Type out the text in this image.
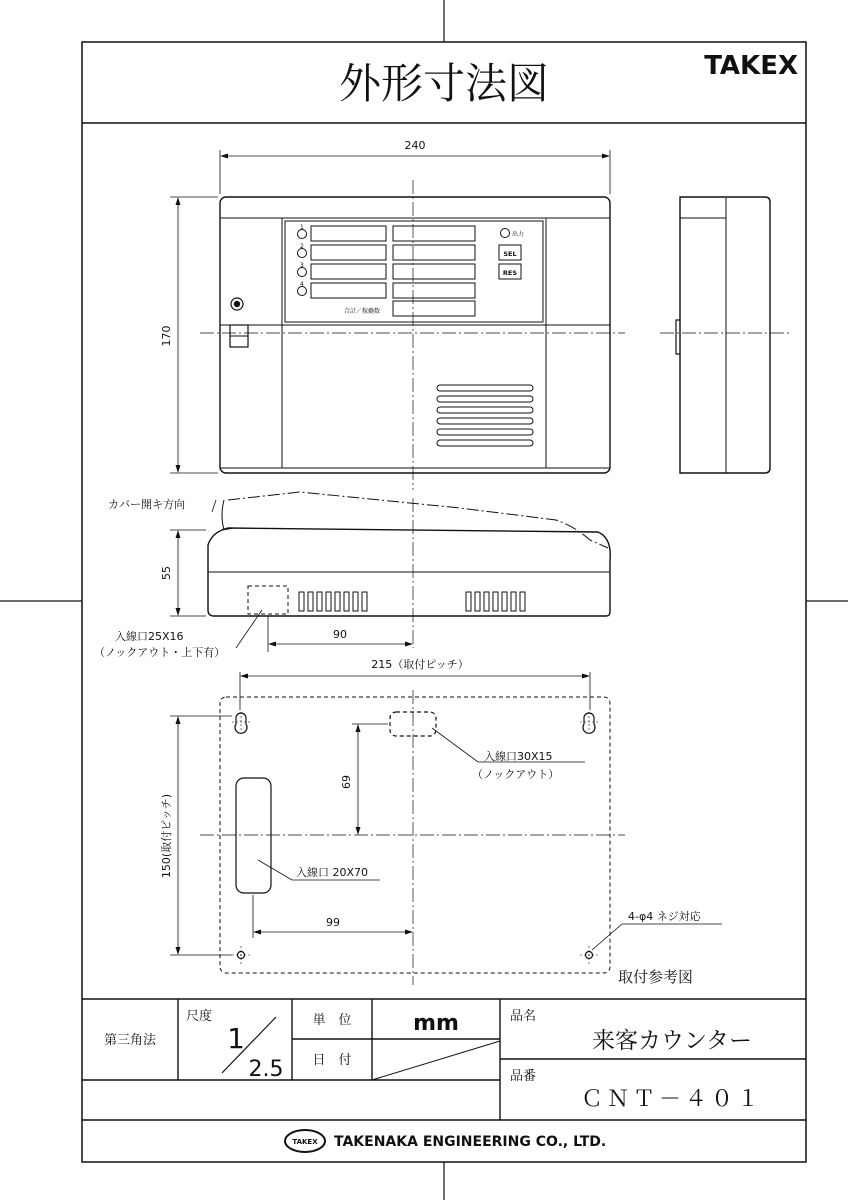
外形寸法図	TAKEX
1
2
3
4
出力
SEL
RES
合計／稼働数
240
170
カバー開キ方向
55
90
入線口25X16
（ノックアウト・上下有）
215（取付ピッチ）
150(取付ピッチ)
69
99
入線口30X15
（ノックアウト）
入線口 20X70
4-φ4 ネジ対応
取付参考図
第三角法
尺度
1
2.5
単　位	mm
日　付
品名
来客カウンター
品番
ＣＮＴ－４０１
TAKEX TAKENAKA ENGINEERING CO., LTD.
